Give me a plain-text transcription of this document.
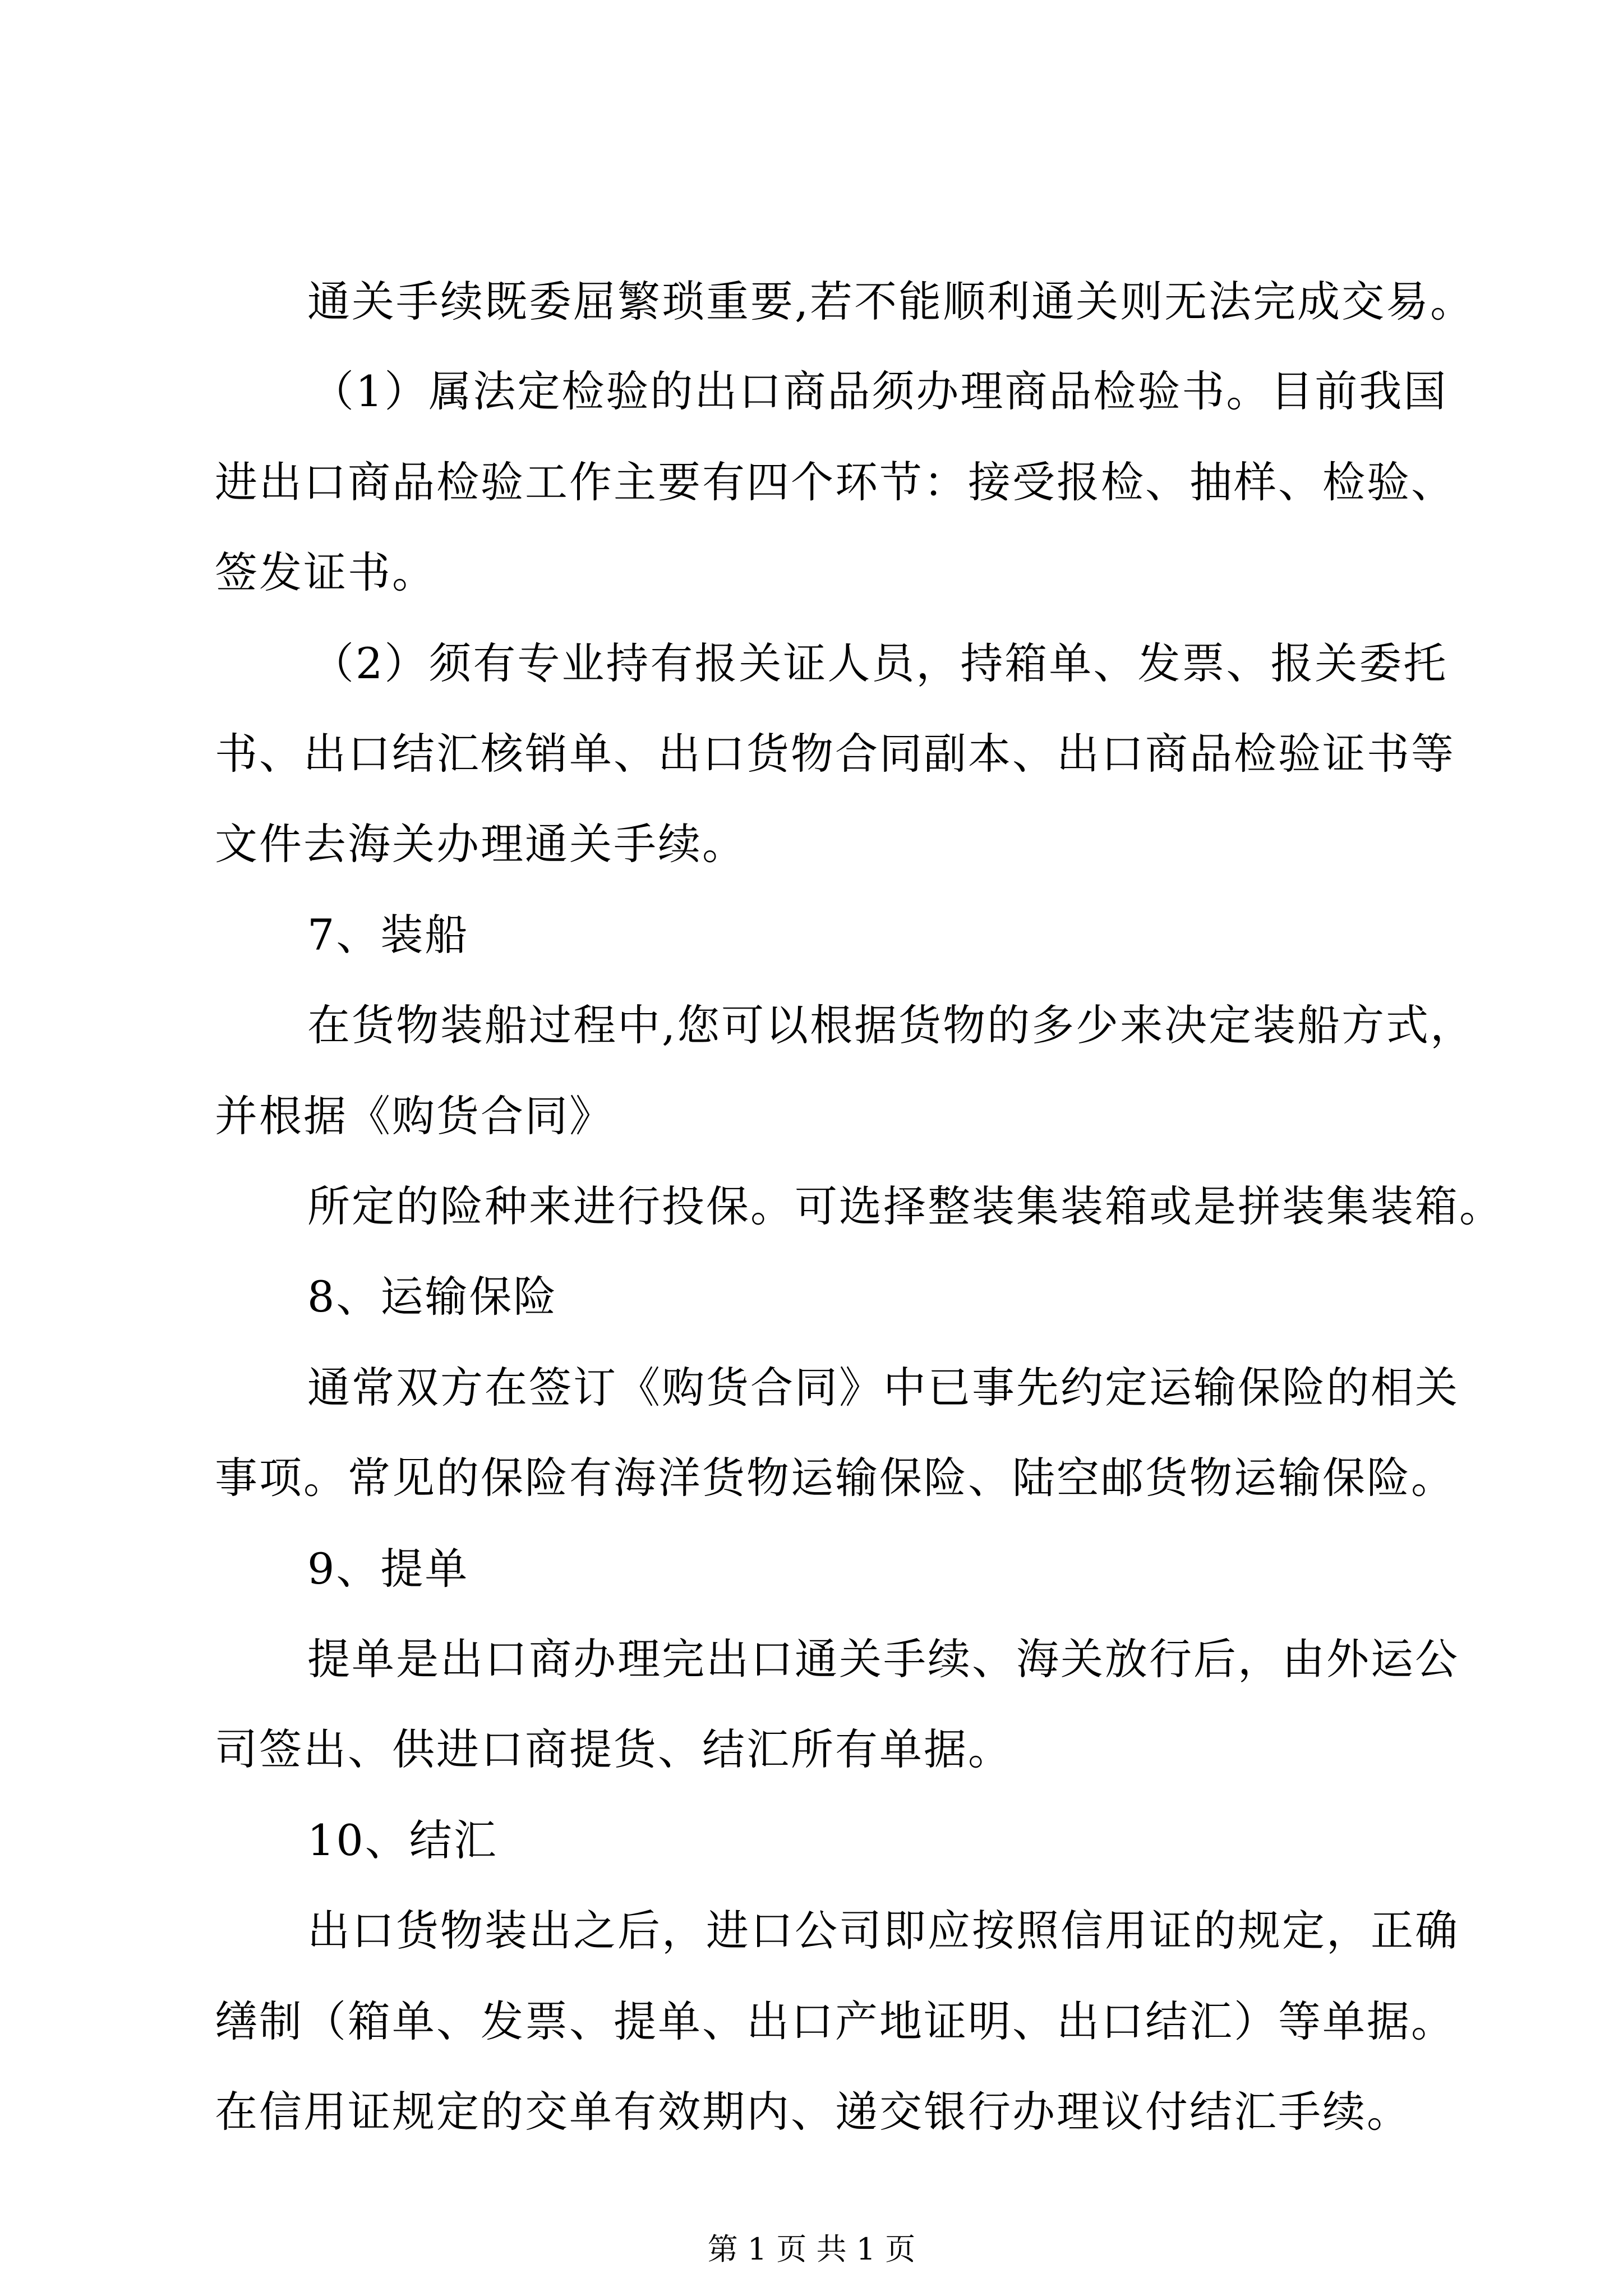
通关手续既委屈繁琐重要,若不能顺利通关则无法完成交易。
（1）属法定检验的出口商品须办理商品检验书。目前我国
进出口商品检验工作主要有四个环节：接受报检、抽样、检验、
签发证书。
（2）须有专业持有报关证人员，持箱单、发票、报关委托
书、出口结汇核销单、出口货物合同副本、出口商品检验证书等
文件去海关办理通关手续。
7、装船
在货物装船过程中,您可以根据货物的多少来决定装船方式，
并根据《购货合同》
所定的险种来进行投保。可选择整装集装箱或是拼装集装箱。
8、运输保险
通常双方在签订《购货合同》中已事先约定运输保险的相关
事项。常见的保险有海洋货物运输保险、陆空邮货物运输保险。
9、提单
提单是出口商办理完出口通关手续、海关放行后，由外运公
司签出、供进口商提货、结汇所有单据。
10、结汇
出口货物装出之后，进口公司即应按照信用证的规定，正确
缮制（箱单、发票、提单、出口产地证明、出口结汇）等单据。
在信用证规定的交单有效期内、递交银行办理议付结汇手续。
第 1 页 共 1 页
